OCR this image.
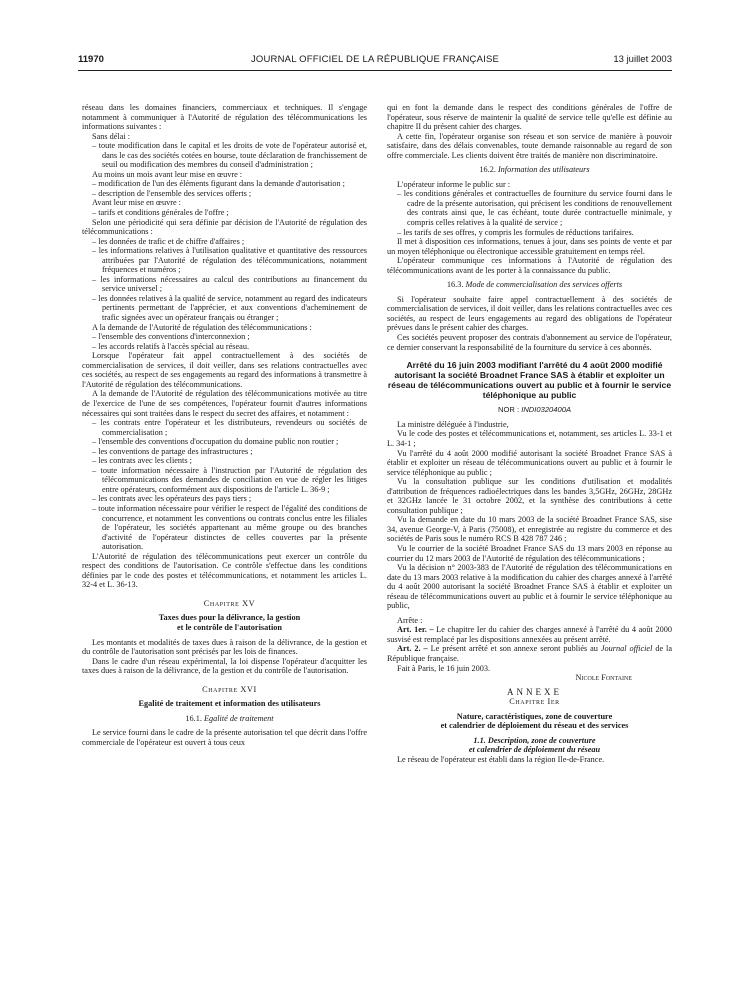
11970	JOURNAL OFFICIEL DE LA RÉPUBLIQUE FRANÇAISE	13 juillet 2003

réseau dans les domaines financiers, commerciaux et techniques. Il s'engage notamment à communiquer à l'Autorité de régulation des télécommunications les informations suivantes :

Sans délai :

– toute modification dans le capital et les droits de vote de l'opérateur autorisé et, dans le cas des sociétés cotées en bourse, toute déclaration de franchissement de seuil ou modification des membres du conseil d'administration ;

Au moins un mois avant leur mise en œuvre :

– modification de l'un des éléments figurant dans la demande d'autorisation ;

– description de l'ensemble des services offerts ;

Avant leur mise en œuvre :

– tarifs et conditions générales de l'offre ;

Selon une périodicité qui sera définie par décision de l'Autorité de régulation des télécommunications :

– les données de trafic et de chiffre d'affaires ;

– les informations relatives à l'utilisation qualitative et quantitative des ressources attribuées par l'Autorité de régulation des télécommunications, notamment fréquences et numéros ;

– les informations nécessaires au calcul des contributions au financement du service universel ;

– les données relatives à la qualité de service, notamment au regard des indicateurs pertinents permettant de l'apprécier, et aux conventions d'acheminement de trafic signées avec un opérateur français ou étranger ;

A la demande de l'Autorité de régulation des télécommunications :

– l'ensemble des conventions d'interconnexion ;

– les accords relatifs à l'accès spécial au réseau.

Lorsque l'opérateur fait appel contractuellement à des sociétés de commercialisation de services, il doit veiller, dans ses relations contractuelles avec ces sociétés, au respect de ses engagements au regard des informations à transmettre à l'Autorité de régulation des télécommunications.

A la demande de l'Autorité de régulation des télécommunications motivée au titre de l'exercice de l'une de ses compétences, l'opérateur fournit d'autres informations nécessaires qui sont traitées dans le respect du secret des affaires, et notamment :

– les contrats entre l'opérateur et les distributeurs, revendeurs ou sociétés de commercialisation ;

– l'ensemble des conventions d'occupation du domaine public non routier ;

– les conventions de partage des infrastructures ;

– les contrats avec les clients ;

– toute information nécessaire à l'instruction par l'Autorité de régulation des télécommunications des demandes de conciliation en vue de régler les litiges entre opérateurs, conformément aux dispositions de l'article L. 36-9 ;

– les contrats avec les opérateurs des pays tiers ;

– toute information nécessaire pour vérifier le respect de l'égalité des conditions de concurrence, et notamment les conventions ou contrats conclus entre les filiales de l'opérateur, les sociétés appartenant au même groupe ou des branches d'activité de l'opérateur distinctes de celles couvertes par la présente autorisation.

L'Autorité de régulation des télécommunications peut exercer un contrôle du respect des conditions de l'autorisation. Ce contrôle s'effectue dans les conditions définies par le code des postes et télécommunications, et notamment les articles L. 32-4 et L. 36-13.

Chapitre XV

Taxes dues pour la délivrance, la gestion

et le contrôle de l'autorisation

Les montants et modalités de taxes dues à raison de la délivrance, de la gestion et du contrôle de l'autorisation sont précisés par les lois de finances.

Dans le cadre d'un réseau expérimental, la loi dispense l'opérateur d'acquitter les taxes dues à raison de la délivrance, de la gestion et du contrôle de l'autorisation.

Chapitre XVI

Egalité de traitement et information des utilisateurs

16.1. Egalité de traitement

Le service fourni dans le cadre de la présente autorisation tel que décrit dans l'offre commerciale de l'opérateur est ouvert à tous ceux

qui en font la demande dans le respect des conditions générales de l'offre de l'opérateur, sous réserve de maintenir la qualité de service telle qu'elle est définie au chapitre II du présent cahier des charges.

A cette fin, l'opérateur organise son réseau et son service de manière à pouvoir satisfaire, dans des délais convenables, toute demande raisonnable au regard de son offre commerciale. Les clients doivent être traités de manière non discriminatoire.

16.2. Information des utilisateurs

L'opérateur informe le public sur :

– les conditions générales et contractuelles de fourniture du service fourni dans le cadre de la présente autorisation, qui précisent les conditions de renouvellement des contrats ainsi que, le cas échéant, toute durée contractuelle minimale, y compris celles relatives à la qualité de service ;

– les tarifs de ses offres, y compris les formules de réductions tarifaires.

Il met à disposition ces informations, tenues à jour, dans ses points de vente et par un moyen téléphonique ou électronique accessible gratuitement en temps réel.

L'opérateur communique ces informations à l'Autorité de régulation des télécommunications avant de les porter à la connaissance du public.

16.3. Mode de commercialisation des services offerts

Si l'opérateur souhaite faire appel contractuellement à des sociétés de commercialisation de services, il doit veiller, dans les relations contractuelles avec ces sociétés, au respect de leurs engagements au regard des obligations de l'opérateur prévues dans le présent cahier des charges.

Ces sociétés peuvent proposer des contrats d'abonnement au service de l'opérateur, ce dernier conservant la responsabilité de la fourniture du service à ces abonnés.

Arrêté du 16 juin 2003 modifiant l'arrêté du 4 août 2000 modifié autorisant la société Broadnet France SAS à établir et exploiter un réseau de télécommunications ouvert au public et à fournir le service téléphonique au public

NOR : INDI0320400A

La ministre déléguée à l'industrie,

Vu le code des postes et télécommunications et, notamment, ses articles L. 33-1 et L. 34-1 ;

Vu l'arrêté du 4 août 2000 modifié autorisant la société Broadnet France SAS à établir et exploiter un réseau de télécommunications ouvert au public et à fournir le service téléphonique au public ;

Vu la consultation publique sur les conditions d'utilisation et modalités d'attribution de fréquences radioélectriques dans les bandes 3,5GHz, 26GHz, 28GHz et 32GHz lancée le 31 octobre 2002, et la synthèse des contributions à cette consultation publique ;

Vu la demande en date du 10 mars 2003 de la société Broadnet France SAS, sise 34, avenue George-V, à Paris (75008), et enregistrée au registre du commerce et des sociétés de Paris sous le numéro RCS B 428 787 246 ;

Vu le courrier de la société Broadnet France SAS du 13 mars 2003 en réponse au courrier du 12 mars 2003 de l'Autorité de régulation des télécommunications ;

Vu la décision n° 2003-383 de l'Autorité de régulation des télécommunications en date du 13 mars 2003 relative à la modification du cahier des charges annexé à l'arrêté du 4 août 2000 autorisant la société Broadnet France SAS à établir et exploiter un réseau de télécommunications ouvert au public et à fournir le service téléphonique au public,

Arrête :

Art. 1er. – Le chapitre Ier du cahier des charges annexé à l'arrêté du 4 août 2000 susvisé est remplacé par les dispositions annexées au présent arrêté.

Art. 2. – Le présent arrêté et son annexe seront publiés au Journal officiel de la République française.

Fait à Paris, le 16 juin 2003.

Nicole Fontaine

ANNEXE

Chapitre Ier

Nature, caractéristiques, zone de couverture

et calendrier de déploiement du réseau et des services

1.1. Description, zone de couverture

et calendrier de déploiement du réseau

Le réseau de l'opérateur est établi dans la région Ile-de-France.
